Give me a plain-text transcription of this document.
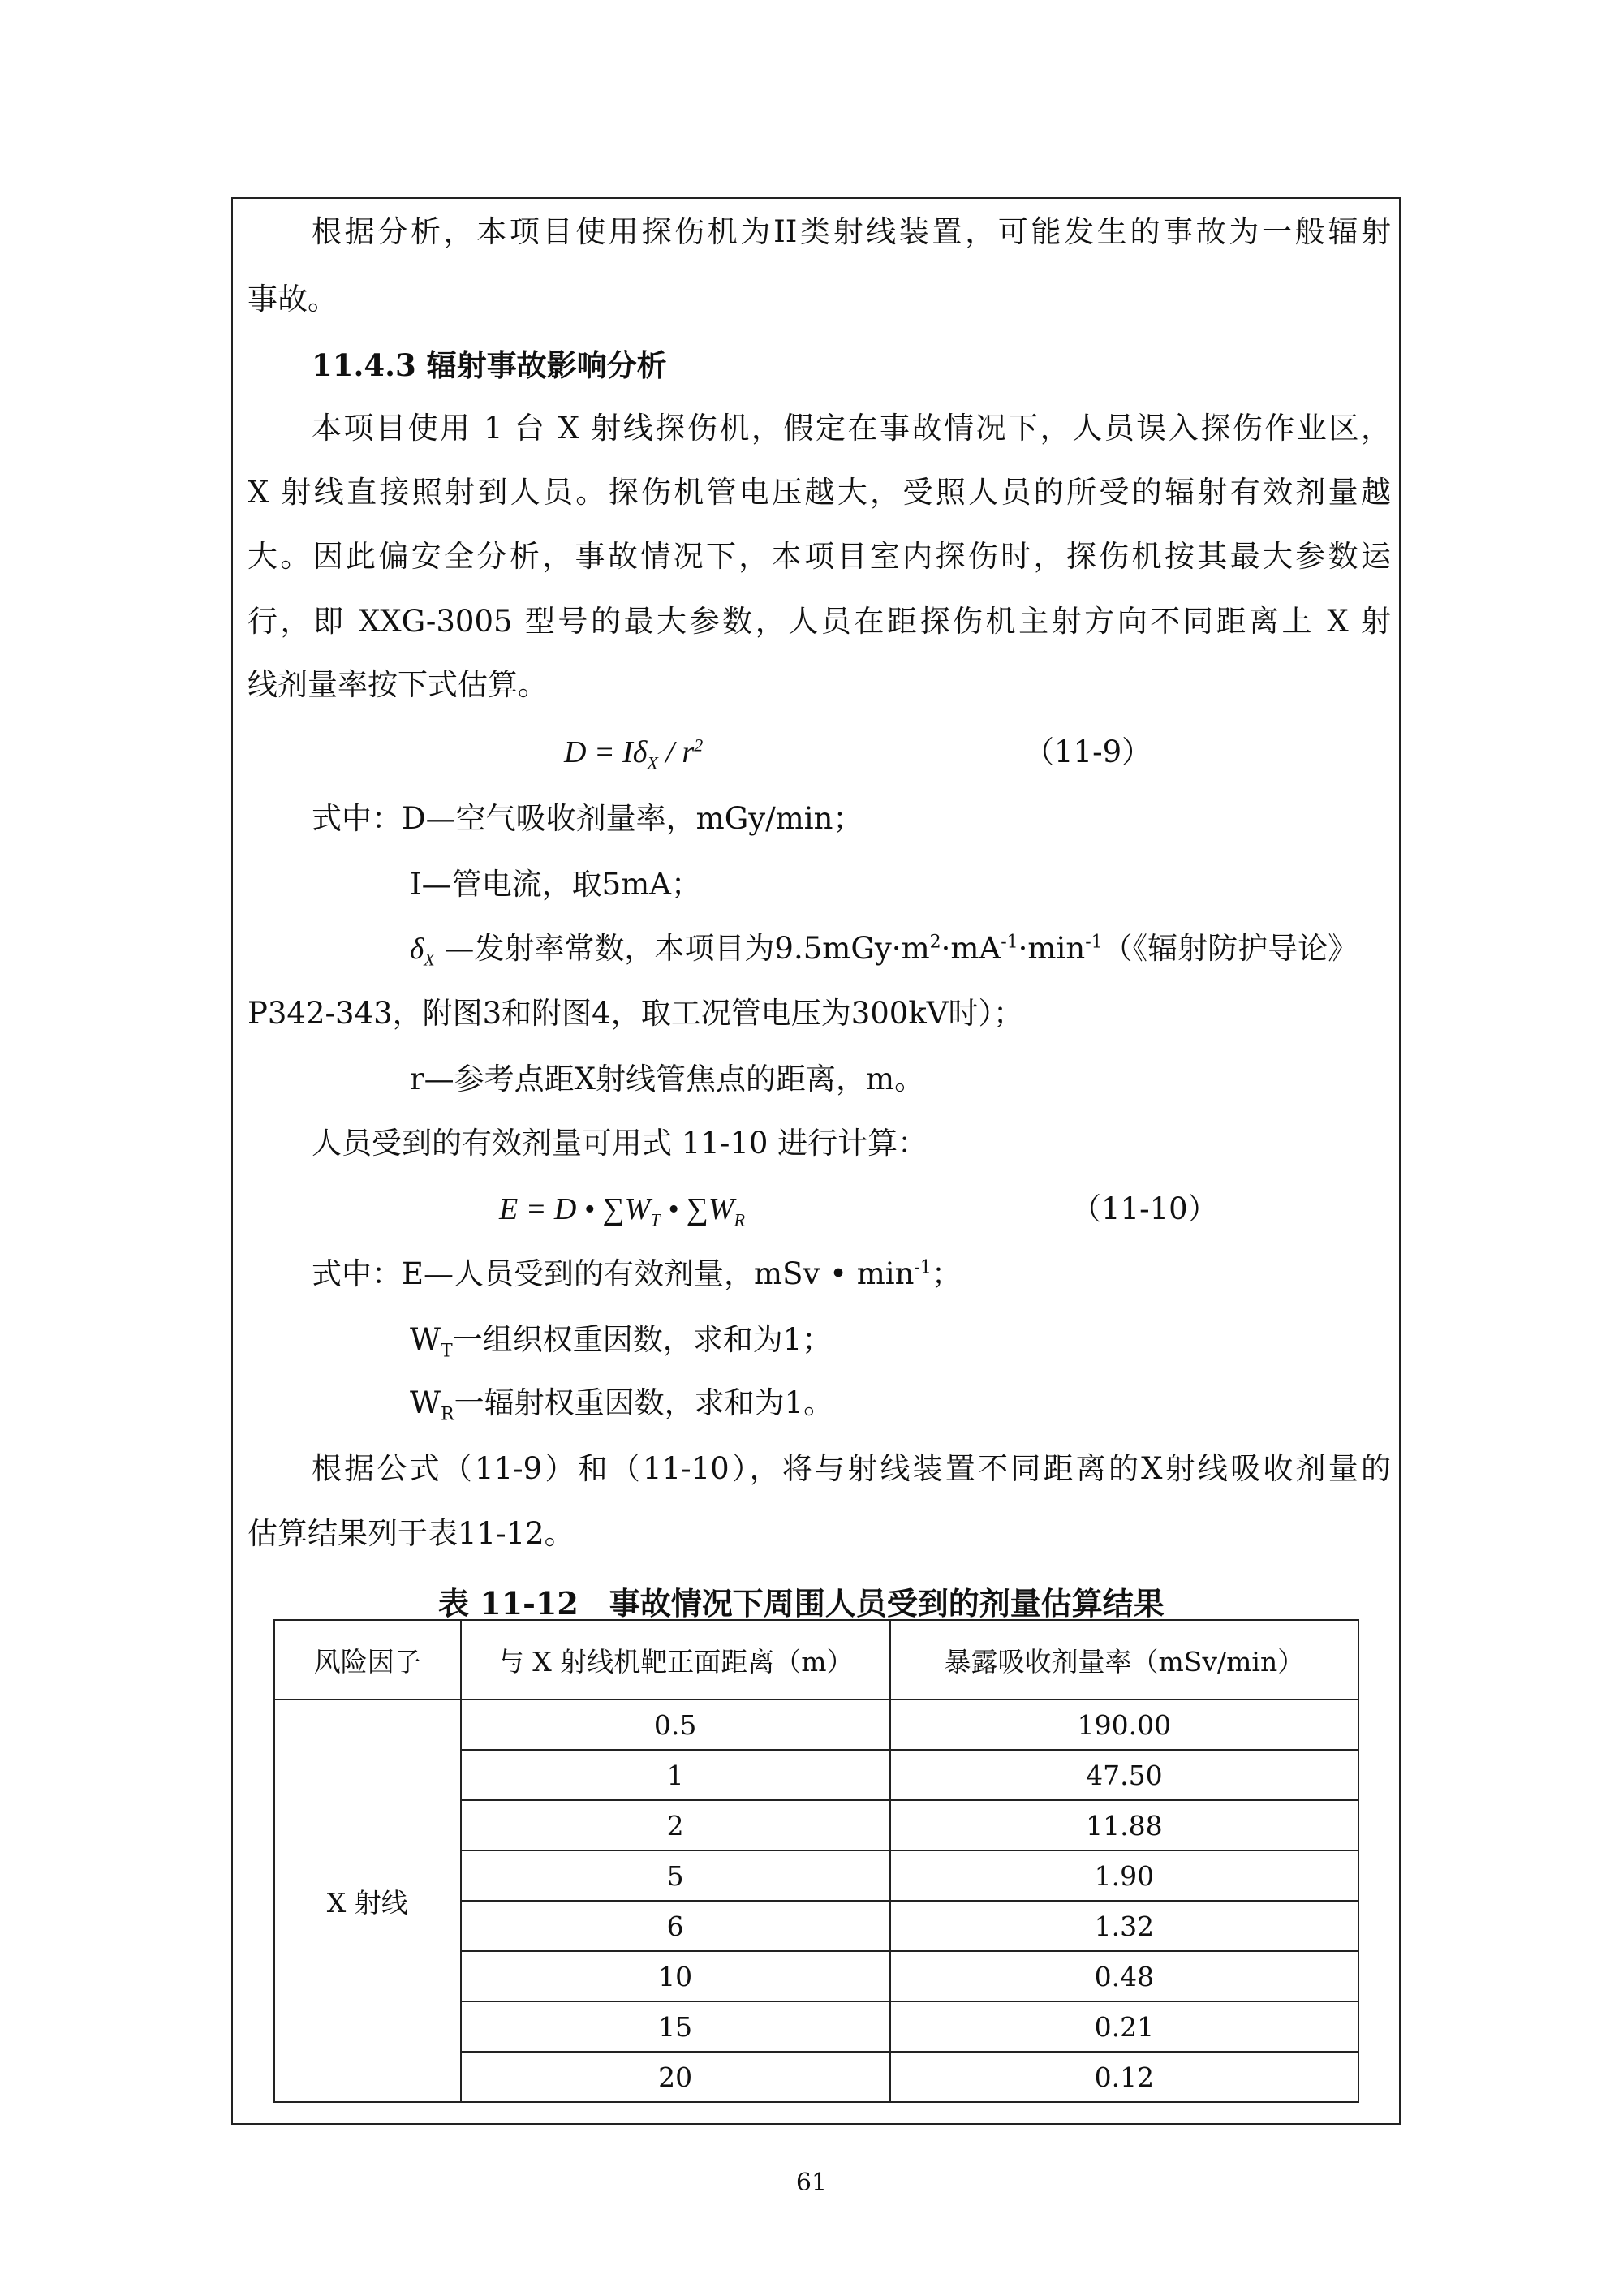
根据分析，本项目使用探伤机为II类射线装置，可能发生的事故为一般辐射
事故。
11.4.3 辐射事故影响分析
本项目使用 1 台 X 射线探伤机，假定在事故情况下，人员误入探伤作业区，
X 射线直接照射到人员。探伤机管电压越大，受照人员的所受的辐射有效剂量越
大。因此偏安全分析，事故情况下，本项目室内探伤时，探伤机按其最大参数运
行，即 XXG-3005 型号的最大参数，人员在距探伤机主射方向不同距离上 X 射
线剂量率按下式估算。
$D = I\delta_X / r^2$	（11-9）
式中：D—空气吸收剂量率，mGy/min；
I—管电流，取5mA；
$\delta_X$ —发射率常数，本项目为$9.5mGy\cdot m^2\cdot mA^{-1}\cdot\min^{-1}$（《辐射防护导论》
P342-343，附图3和附图4，取工况管电压为300kV时）；
r—参考点距X射线管焦点的距离，m。
人员受到的有效剂量可用式 11-10 进行计算：
E = D • $\sum W_T$ • $\sum W_R$	（11-10）
式中：E—人员受到的有效剂量，mSv • $\min^{-1}$；
$W_T$一组织权重因数，求和为1；
$W_R$一辐射权重因数，求和为1。
根据公式（11-9）和（11-10），将与射线装置不同距离的X射线吸收剂量的
估算结果列于表11-12。
表 11-12　事故情况下周围人员受到的剂量估算结果
风险因子	与 X 射线机靶正面距离（m）	暴露吸收剂量率（mSv/min）
X 射线	0.5	190.00
	1	47.50
	2	11.88
	5	1.90
	6	1.32
	10	0.48
	15	0.21
	20	0.12
61
